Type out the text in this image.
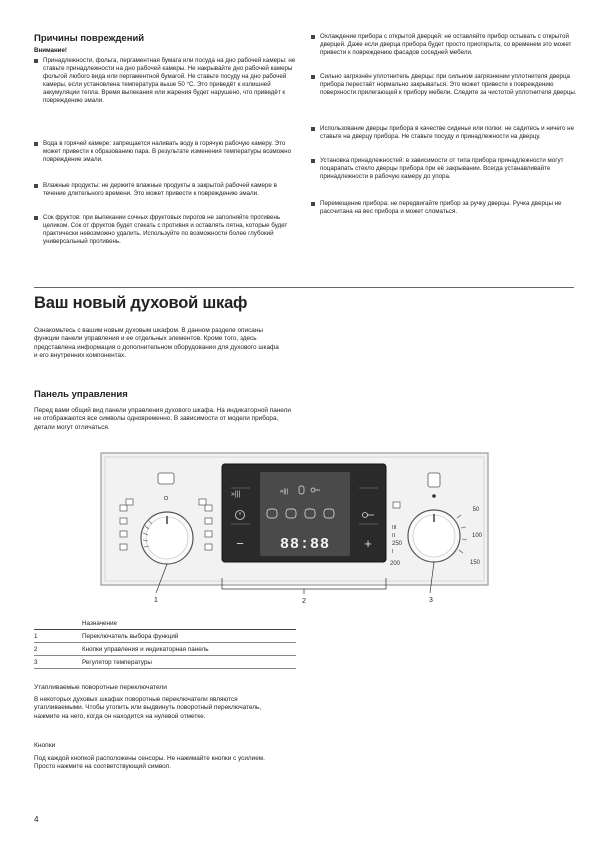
Причины повреждений
Внимание!
Принадлежности, фольга, пергаментная бумага или посуда на дно рабочей камеры: не ставьте принадлежности на дно рабочей камеры. Не накрывайте дно рабочей камеры фольгой любого вида или пергаментной бумагой. Не ставьте посуду на дно рабочей камеры, если установлена температура выше 50 °C. Это приведёт к излишней аккумуляции тепла. Время выпекания или жарения будет нарушено, что приведёт к повреждению эмали.
Вода в горячей камере: запрещается наливать воду в горячую рабочую камеру. Это может привести к образованию пара. В результате изменения температуры возможно повреждение эмали.
Влажные продукты: не держите влажные продукты в закрытой рабочей камере в течение длительного времени. Это может привести к повреждению эмали.
Сок фруктов: при выпекании сочных фруктовых пирогов не заполняйте противень целиком. Сок от фруктов будет стекать с противня и оставлять пятна, которые будет практически невозможно удалить. Используйте по возможности более глубокий универсальный противень.
Охлаждение прибора с открытой дверцей: не оставляйте прибор остывать с открытой дверцей. Даже если дверца прибора будет просто приоткрыта, со временем это может привести к повреждению фасадов соседней мебели.
Сильно загрязнён уплотнитель дверцы: при сильном загрязнении уплотнителя дверца прибора перестаёт нормально закрываться. Это может привести к повреждению поверхности прилегающей к прибору мебели. Следите за чистотой уплотнителя дверцы.
Использование дверцы прибора в качестве сиденья или полки: не садитесь и ничего не ставьте на дверцу прибора. Не ставьте посуду и принадлежности на дверцу.
Установка принадлежностей: в зависимости от типа прибора принадлежности могут поцарапать стекло дверцы прибора при её закрывании. Всегда устанавливайте принадлежности в рабочую камеру до упора.
Перемещение прибора: не передвигайте прибор за ручку дверцы. Ручка дверцы не рассчитана на вес прибора и может сломаться.
Ваш новый духовой шкаф
Ознакомьтесь с вашим новым духовым шкафом. В данном разделе описаны функции панели управления и ее отдельных элементов. Кроме того, здесь представлена информация о дополнительном оборудовании для духового шкафа и его внутренних компонентах.
Панель управления
Перед вами общий вид панели управления духового шкафа. На индикаторной панели не отображаются все символы одновременно. В зависимости от модели прибора, детали могут отличаться.
»|||	»|||
88:88
−	+
50
100
150
200
250
III
II
I
1	2	3
	Назначение
1	Переключатель выбора функций
2	Кнопки управления и индикаторная панель
3	Регулятор температуры
Утапливаемые поворотные переключатели
В некоторых духовых шкафах поворотные переключатели являются утапливаемыми. Чтобы утопить или выдвинуть поворотный переключатель, нажмите на него, когда он находится на нулевой отметке.
Кнопки
Под каждой кнопкой расположены сенсоры. Не нажимайте кнопки с усилием. Просто нажмите на соответствующий символ.
4
